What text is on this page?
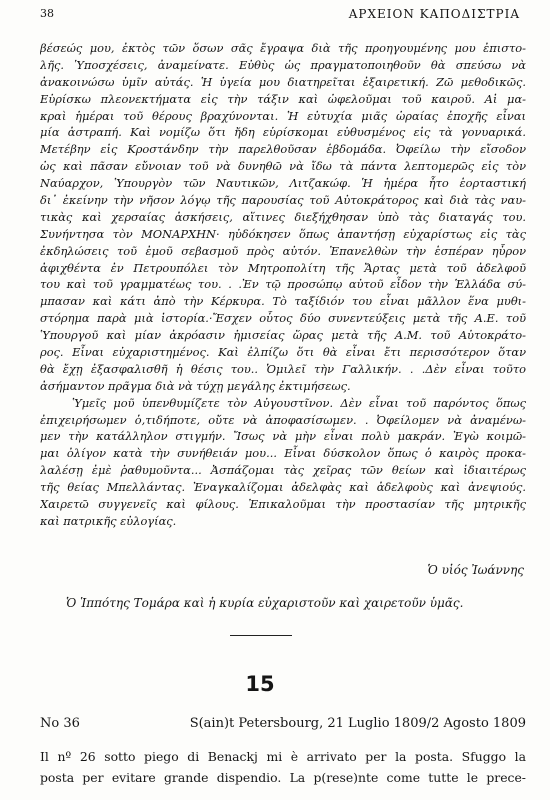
38	ΑΡΧΕΙΟΝ ΚΑΠΟΔΙΣΤΡΙΑ
βέσεώς μου, ἐκτὸς τῶν ὅσων σᾶς ἔγραψα διὰ τῆς προηγουμένης μου ἐπιστο-
λῆς. Ὑποσχέσεις, ἀναμείνατε. Εὐθὺς ὡς πραγματοποιηθοῦν θὰ σπεύσω νὰ
ἀνακοινώσω ὑμῖν αὐτάς. Ἡ ὑγεία μου διατηρεῖται ἐξαιρετική. Ζῶ μεθοδικῶς.
Εὑρίσκω πλεονεκτήματα εἰς τὴν τάξιν καὶ ὠφελοῦμαι τοῦ καιροῦ. Αἱ μα-
κραὶ ἡμέραι τοῦ θέρους βραχύνονται. Ἡ εὐτυχία μιᾶς ὡραίας ἐποχῆς εἶναι
μία ἀστραπή. Καὶ νομίζω ὅτι ἤδη εὑρίσκομαι εὐθυσμένος εἰς τὰ γονυαρικά.
Μετέβην εἰς Κροστάνδην τὴν παρελθοῦσαν ἑβδομάδα. Ὀφείλω τὴν εἴσοδον
ὡς καὶ πᾶσαν εὔνοιαν τοῦ νὰ δυνηθῶ νὰ ἴδω τὰ πάντα λεπτομερῶς εἰς τὸν
Ναύαρχον, Ὑπουργὸν τῶν Ναυτικῶν, Λιτζακώφ. Ἡ ἡμέρα ἦτο ἑορταστική
δι᾽ ἐκείνην τὴν νῆσον λόγῳ τῆς παρουσίας τοῦ Αὐτοκράτορος καὶ διὰ τὰς ναυ-
τικὰς καὶ χερσαίας ἀσκήσεις, αἵτινες διεξήχθησαν ὑπὸ τὰς διαταγάς του.
Συνήντησα τὸν ΜΟΝΑΡΧΗΝ· ηὐδόκησεν ὅπως ἀπαντήσῃ εὐχαρίστως εἰς τὰς
ἐκδηλώσεις τοῦ ἐμοῦ σεβασμοῦ πρὸς αὐτόν. Ἐπανελθὼν τὴν ἑσπέραν ηὗρον
ἀφιχθέντα ἐν Πετρουπόλει τὸν Μητροπολίτη τῆς Ἄρτας μετὰ τοῦ ἀδελφοῦ
του καὶ τοῦ γραμματέως του. . .Ἐν τῷ προσώπῳ αὐτοῦ εἶδον τὴν Ἑλλάδα σύ-
μπασαν καὶ κάτι ἀπὸ τὴν Κέρκυρα. Τὸ ταξίδιόν του εἶναι μᾶλλον ἕνα μυθι-
στόρημα παρὰ μιὰ ἱστορία.·Ἔσχεν οὗτος δύο συνεντεύξεις μετὰ τῆς Α.Ε. τοῦ
Ὑπουργοῦ καὶ μίαν ἀκρόασιν ἡμισείας ὥρας μετὰ τῆς Α.Μ. τοῦ Αὐτοκράτο-
ρος. Εἶναι εὐχαριστημένος. Καὶ ἐλπίζω ὅτι θὰ εἶναι ἔτι περισσότερον ὅταν
θὰ ἔχῃ ἐξασφαλισθῆ ἡ θέσις του.. Ὁμιλεῖ τὴν Γαλλικήν. . .Δὲν εἶναι τοῦτο
ἀσήμαντον πρᾶγμα διὰ νὰ τύχῃ μεγάλης ἐκτιμήσεως.
Ὑμεῖς μοῦ ὑπενθυμίζετε τὸν Αὐγουστῖνον. Δὲν εἶναι τοῦ παρόντος ὅπως
ἐπιχειρήσωμεν ὁ,τιδήποτε, οὔτε νὰ ἀποφασίσωμεν. . Ὀφείλομεν νὰ ἀναμένω-
μεν τὴν κατάλληλον στιγμήν. Ἴσως νὰ μὴν εἶναι πολὺ μακράν. Ἐγὼ κοιμῶ-
μαι ὀλίγον κατὰ τὴν συνήθειάν μου... Εἶναι δύσκολον ὅπως ὁ καιρὸς προκα-
λαλέσῃ ἐμὲ ῥαθυμοῦντα... Ἀσπάζομαι τὰς χεῖρας τῶν θείων καὶ ἰδιαιτέρως
τῆς θείας Μπελλάντας. Ἐναγκαλίζομαι ἀδελφὰς καὶ ἀδελφοὺς καὶ ἀνεψιούς.
Χαιρετῶ συγγενεῖς καὶ φίλους. Ἐπικαλοῦμαι τὴν προστασίαν τῆς μητρικῆς
καὶ πατρικῆς εὐλογίας.
Ὁ υἱός Ἰωάννης
Ὁ Ἱππότης Τομάρα καὶ ἡ κυρία εὐχαριστοῦν καὶ χαιρετοῦν ὑμᾶς.
15
No 36	S(ain)t Petersbourg, 21 Luglio 1809/2 Agosto 1809
Il nº 26 sotto piego di Benackj mi è arrivato per la posta. Sfuggo la
posta per evitare grande dispendio. La p(rese)nte come tutte le prece-
